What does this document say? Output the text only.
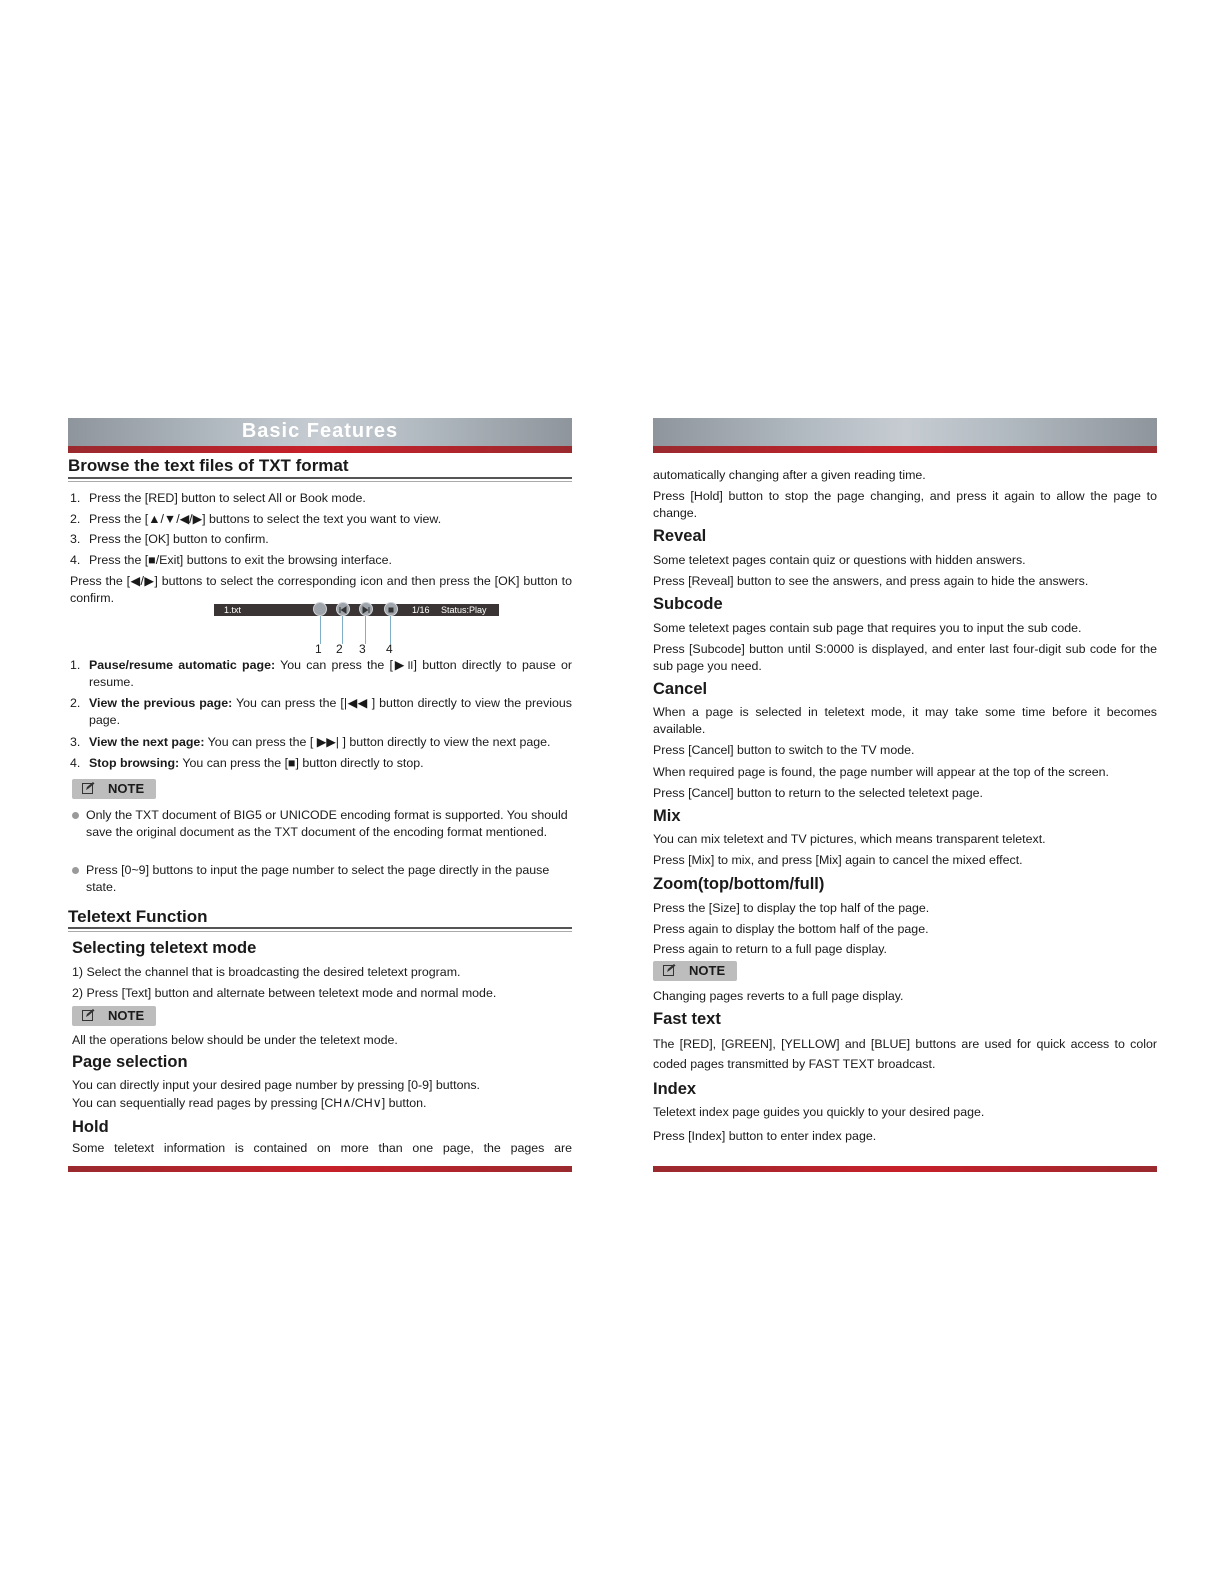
Basic Features
Browse the text files of TXT format
1. Press the [RED] button to select All or Book mode.
2. Press the [▲/▼/◀/▶] buttons to select the text you want to view.
3. Press the [OK] button to confirm.
4. Press the [■/Exit] buttons to exit the browsing interface.
Press the [◀/▶] buttons to select the corresponding icon and then press the [OK] button to confirm.
1.txt	1/16 Status:Play
1 2 3 4
1. Pause/resume automatic page: You can press the [▶॥] button directly to pause or resume.
2. View the previous page: You can press the [|◀◀ ] button directly to view the previous page.
3. View the next page: You can press the [ ▶▶| ] button directly to view the next page.
4. Stop browsing: You can press the [■] button directly to stop.
NOTE
Only the TXT document of BIG5 or UNICODE encoding format is supported. You should save the original document as the TXT document of the encoding format mentioned.
Press [0~9] buttons to input the page number to select the page directly in the pause state.
Teletext Function
Selecting teletext mode
1) Select the channel that is broadcasting the desired teletext program.
2) Press [Text] button and alternate between teletext mode and normal mode.
NOTE
All the operations below should be under the teletext mode.
Page selection
You can directly input your desired page number by pressing [0-9] buttons.
You can sequentially read pages by pressing [CH∧/CH∨] button.
Hold
Some teletext information is contained on more than one page, the pages are
automatically changing after a given reading time.
Press [Hold] button to stop the page changing, and press it again to allow the page to change.
Reveal
Some teletext pages contain quiz or questions with hidden answers.
Press [Reveal] button to see the answers, and press again to hide the answers.
Subcode
Some teletext pages contain sub page that requires you to input the sub code.
Press [Subcode] button until S:0000 is displayed, and enter last four-digit sub code for the sub page you need.
Cancel
When a page is selected in teletext mode, it may take some time before it becomes available.
Press [Cancel] button to switch to the TV mode.
When required page is found, the page number will appear at the top of the screen.
Press [Cancel] button to return to the selected teletext page.
Mix
You can mix teletext and TV pictures, which means transparent teletext.
Press [Mix] to mix, and press [Mix] again to cancel the mixed effect.
Zoom(top/bottom/full)
Press the [Size] to display the top half of the page.
Press again to display the bottom half of the page.
Press again to return to a full page display.
NOTE
Changing pages reverts to a full page display.
Fast text
The [RED], [GREEN], [YELLOW] and [BLUE] buttons are used for quick access to color coded pages transmitted by FAST TEXT broadcast.
Index
Teletext index page guides you quickly to your desired page.
Press [Index] button to enter index page.
